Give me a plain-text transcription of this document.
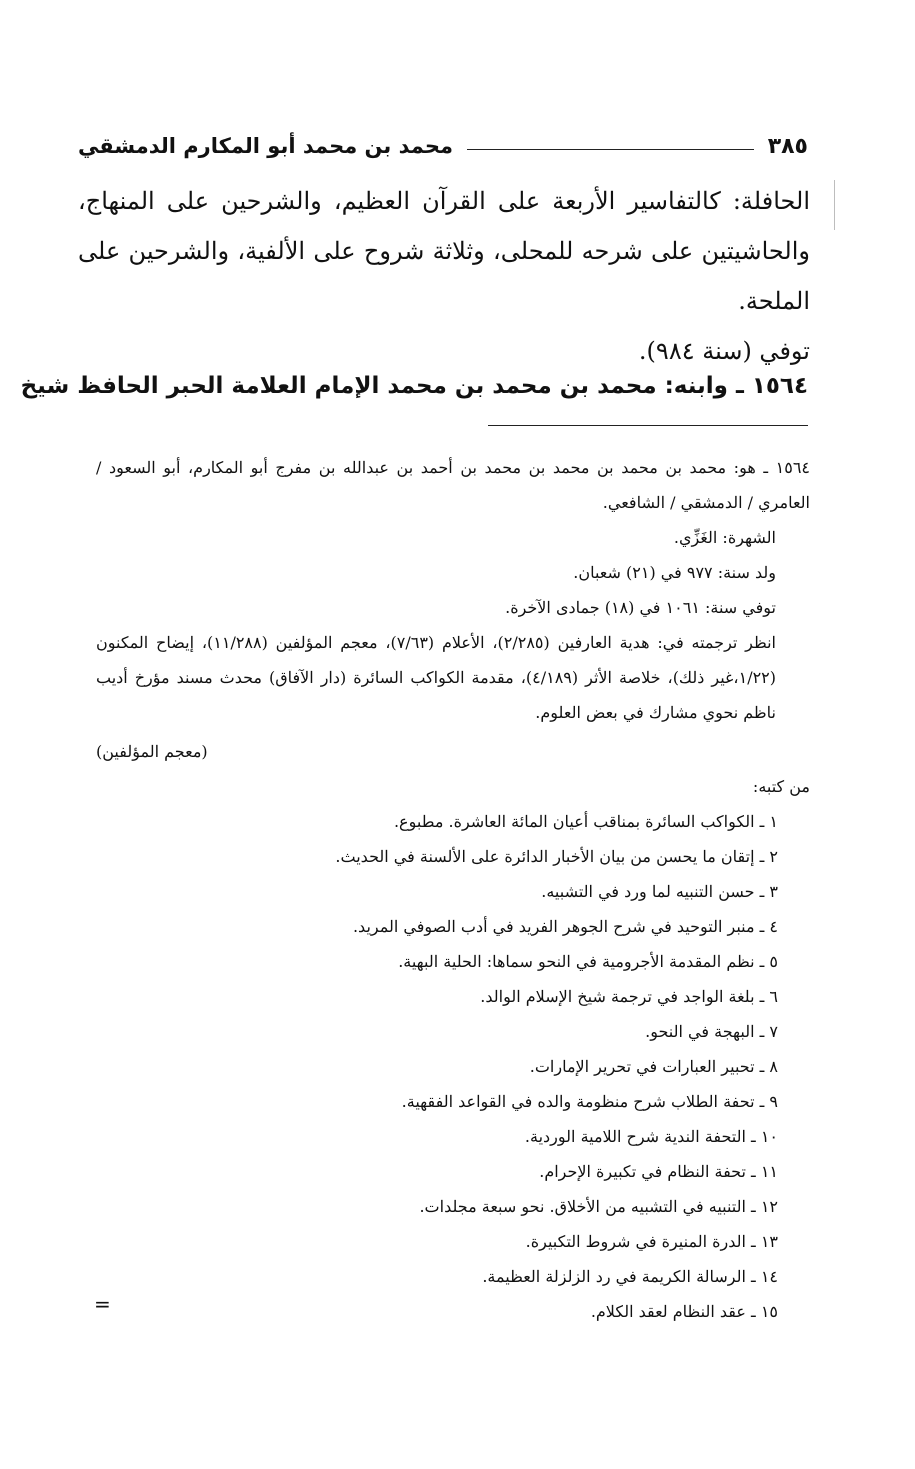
محمد بن محمد أبو المكارم الدمشقي	٣٨٥

الحافلة: كالتفاسير الأربعة على القرآن العظيم، والشرحين على المنهاج، والحاشيتين على شرحه للمحلى، وثلاثة شروح على الألفية، والشرحين على الملحة.

توفي (سنة ٩٨٤).

١٥٦٤ ـ وابنه: محمد بن محمد بن محمد الإمام العلامة الحبر الحافظ شيخ

١٥٦٤ ـ هو: محمد بن محمد بن محمد بن محمد بن أحمد بن عبدالله بن مفرج أبو المكارم، أبو السعود / العامري / الدمشقي / الشافعي.

الشهرة: الغَزِّي.

ولد سنة: ٩٧٧ في (٢١) شعبان.

توفي سنة: ١٠٦١ في (١٨) جمادى الآخرة.

انظر ترجمته في: هدية العارفين (٢/٢٨٥)، الأعلام (٧/٦٣)، معجم المؤلفين (١١/٢٨٨)، إيضاح المكنون (١/٢٢،غير ذلك)، خلاصة الأثر (٤/١٨٩)، مقدمة الكواكب السائرة (دار الآفاق) محدث مسند مؤرخ أديب ناظم نحوي مشارك في بعض العلوم.

(معجم المؤلفين)

من كتبه:

١ ـ الكواكب السائرة بمناقب أعيان المائة العاشرة. مطبوع.

٢ ـ إتقان ما يحسن من بيان الأخبار الدائرة على الألسنة في الحديث.

٣ ـ حسن التنبيه لما ورد في التشبيه.

٤ ـ منبر التوحيد في شرح الجوهر الفريد في أدب الصوفي المريد.

٥ ـ نظم المقدمة الأجرومية في النحو سماها: الحلية البهية.

٦ ـ بلغة الواجد في ترجمة شيخ الإسلام الوالد.

٧ ـ البهجة في النحو.

٨ ـ تحبير العبارات في تحرير الإمارات.

٩ ـ تحفة الطلاب شرح منظومة والده في القواعد الفقهية.

١٠ ـ التحفة الندية شرح اللامية الوردية.

١١ ـ تحفة النظام في تكبيرة الإحرام.

١٢ ـ التنبيه في التشبيه من الأخلاق. نحو سبعة مجلدات.

١٣ ـ الدرة المنيرة في شروط التكبيرة.

١٤ ـ الرسالة الكريمة في رد الزلزلة العظيمة.

١٥ ـ عقد النظام لعقد الكلام.

=
